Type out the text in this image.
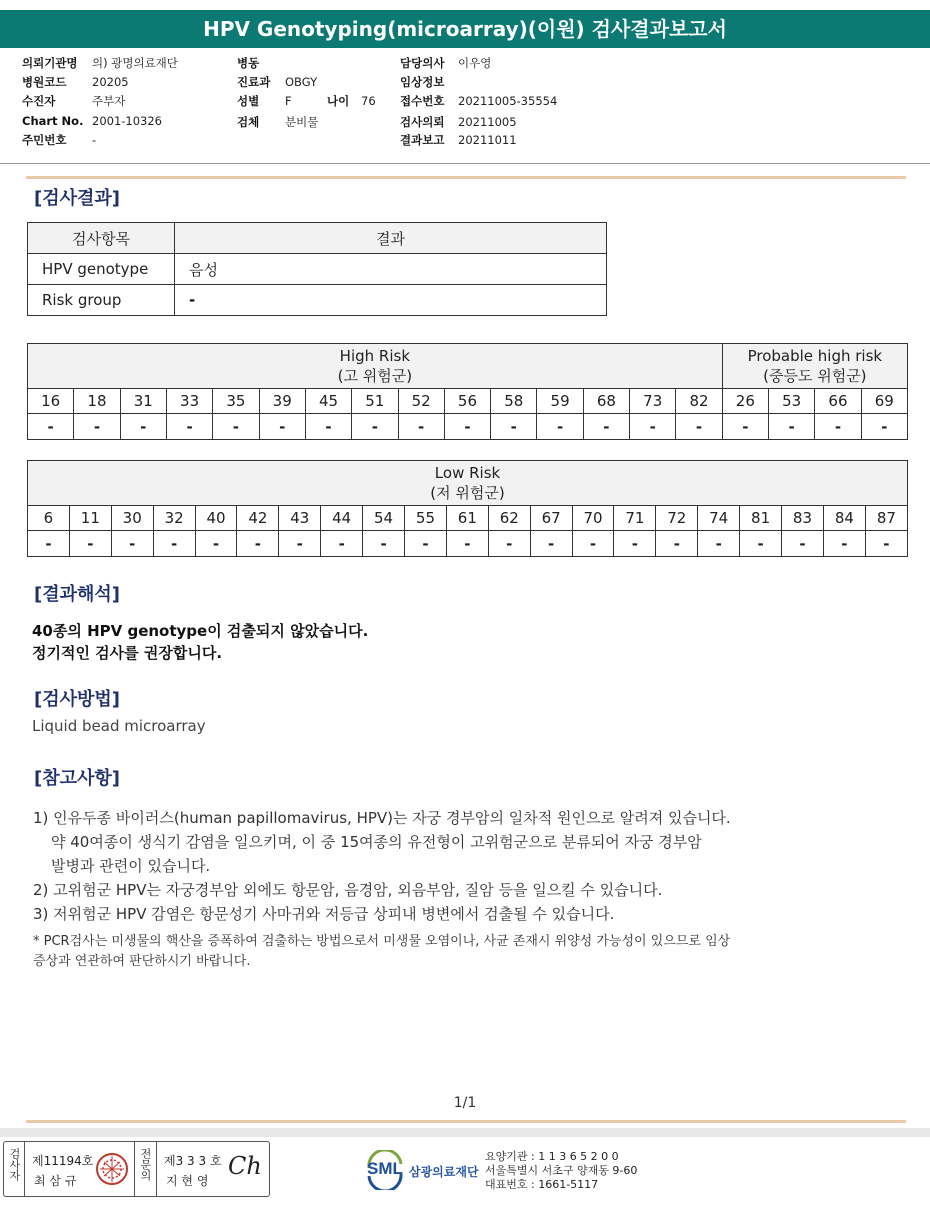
HPV Genotyping(microarray)(이원) 검사결과보고서
의뢰기관명 의) 광명의료재단
병원코드 20205
수진자	주부자
Chart No. 2001-10326
주민번호 -
병동
진료과 OBGY
성별 F	나이 76
검체 분비물
담당의사 이우영
임상정보
접수번호 20211005-35554
검사의뢰 20211005
결과보고 20211011
[검사결과]
검사항목	결과
HPV genotype	음성
Risk group	-
High Risk
(고 위험군)															Probable high risk
(중등도 위험군)			
16	18	31	33	35	39	45	51	52	56	58	59	68	73	82	26	53	66	69
-	-	-	-	-	-	-	-	-	-	-	-	-	-	-	-	-	-	-
Low Risk
(저 위험군)																				
6	11	30	32	40	42	43	44	54	55	61	62	67	70	71	72	74	81	83	84	87
-	-	-	-	-	-	-	-	-	-	-	-	-	-	-	-	-	-	-	-	-
[결과해석]
40종의 HPV genotype이 검출되지 않았습니다.
정기적인 검사를 권장합니다.
[검사방법]
Liquid bead microarray
[참고사항]
1) 인유두종 바이러스(human papillomavirus, HPV)는 자궁 경부암의 일차적 원인으로 알려져 있습니다.
약 40여종이 생식기 감염을 일으키며, 이 중 15여종의 유전형이 고위험군으로 분류되어 자궁 경부암
발병과 관련이 있습니다.
2) 고위험군 HPV는 자궁경부암 외에도 항문암, 음경암, 외음부암, 질암 등을 일으킬 수 있습니다.
3) 저위험군 HPV 감염은 항문성기 사마귀와 저등급 상피내 병변에서 검출될 수 있습니다.
* PCR검사는 미생물의 핵산을 증폭하여 검출하는 방법으로서 미생물 오염이나, 사균 존재시 위양성 가능성이 있으므로 임상
증상과 연관하여 판단하시기 바랍니다.
1/1
검사자 제11194호
최 삼 규	전문의 제3 3 3 호
지 현 영
Ch	SML 삼광의료재단
요양기관 : 1 1 3 6 5 2 0 0
서울특별시 서초구 양재동 9-60
대표번호 : 1661-5117
